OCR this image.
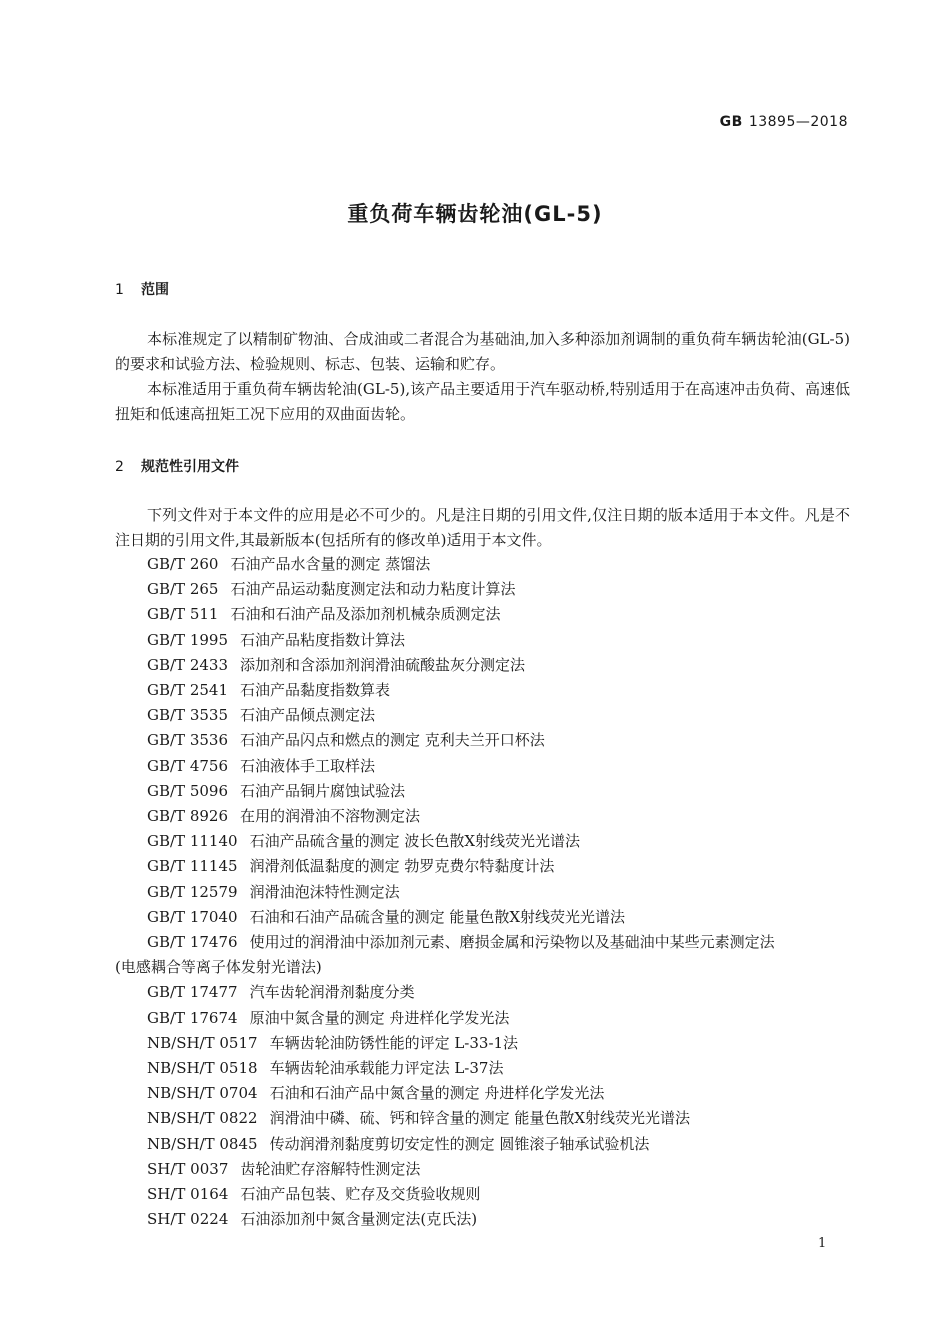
GB 13895—2018
重负荷车辆齿轮油(GL-5)
1 范围

本标准规定了以精制矿物油、合成油或二者混合为基础油,加入多种添加剂调制的重负荷车辆齿轮油(GL-5)的要求和试验方法、检验规则、标志、包装、运输和贮存。

本标准适用于重负荷车辆齿轮油(GL-5),该产品主要适用于汽车驱动桥,特别适用于在高速冲击负荷、高速低扭矩和低速高扭矩工况下应用的双曲面齿轮。

2 规范性引用文件

下列文件对于本文件的应用是必不可少的。凡是注日期的引用文件,仅注日期的版本适用于本文件。凡是不注日期的引用文件,其最新版本(包括所有的修改单)适用于本文件。

GB/T 260 石油产品水含量的测定 蒸馏法
GB/T 265 石油产品运动黏度测定法和动力粘度计算法
GB/T 511 石油和石油产品及添加剂机械杂质测定法
GB/T 1995 石油产品粘度指数计算法
GB/T 2433 添加剂和含添加剂润滑油硫酸盐灰分测定法
GB/T 2541 石油产品黏度指数算表
GB/T 3535 石油产品倾点测定法
GB/T 3536 石油产品闪点和燃点的测定 克利夫兰开口杯法
GB/T 4756 石油液体手工取样法
GB/T 5096 石油产品铜片腐蚀试验法
GB/T 8926 在用的润滑油不溶物测定法
GB/T 11140 石油产品硫含量的测定 波长色散X射线荧光光谱法
GB/T 11145 润滑剂低温黏度的测定 勃罗克费尔特黏度计法
GB/T 12579 润滑油泡沫特性测定法
GB/T 17040 石油和石油产品硫含量的测定 能量色散X射线荧光光谱法
GB/T 17476 使用过的润滑油中添加剂元素、磨损金属和污染物以及基础油中某些元素测定法
(电感耦合等离子体发射光谱法)
GB/T 17477 汽车齿轮润滑剂黏度分类
GB/T 17674 原油中氮含量的测定 舟进样化学发光法
NB/SH/T 0517 车辆齿轮油防锈性能的评定 L-33-1法
NB/SH/T 0518 车辆齿轮油承载能力评定法 L-37法
NB/SH/T 0704 石油和石油产品中氮含量的测定 舟进样化学发光法
NB/SH/T 0822 润滑油中磷、硫、钙和锌含量的测定 能量色散X射线荧光光谱法
NB/SH/T 0845 传动润滑剂黏度剪切安定性的测定 圆锥滚子轴承试验机法
SH/T 0037 齿轮油贮存溶解特性测定法
SH/T 0164 石油产品包装、贮存及交货验收规则
SH/T 0224 石油添加剂中氮含量测定法(克氏法)
1
